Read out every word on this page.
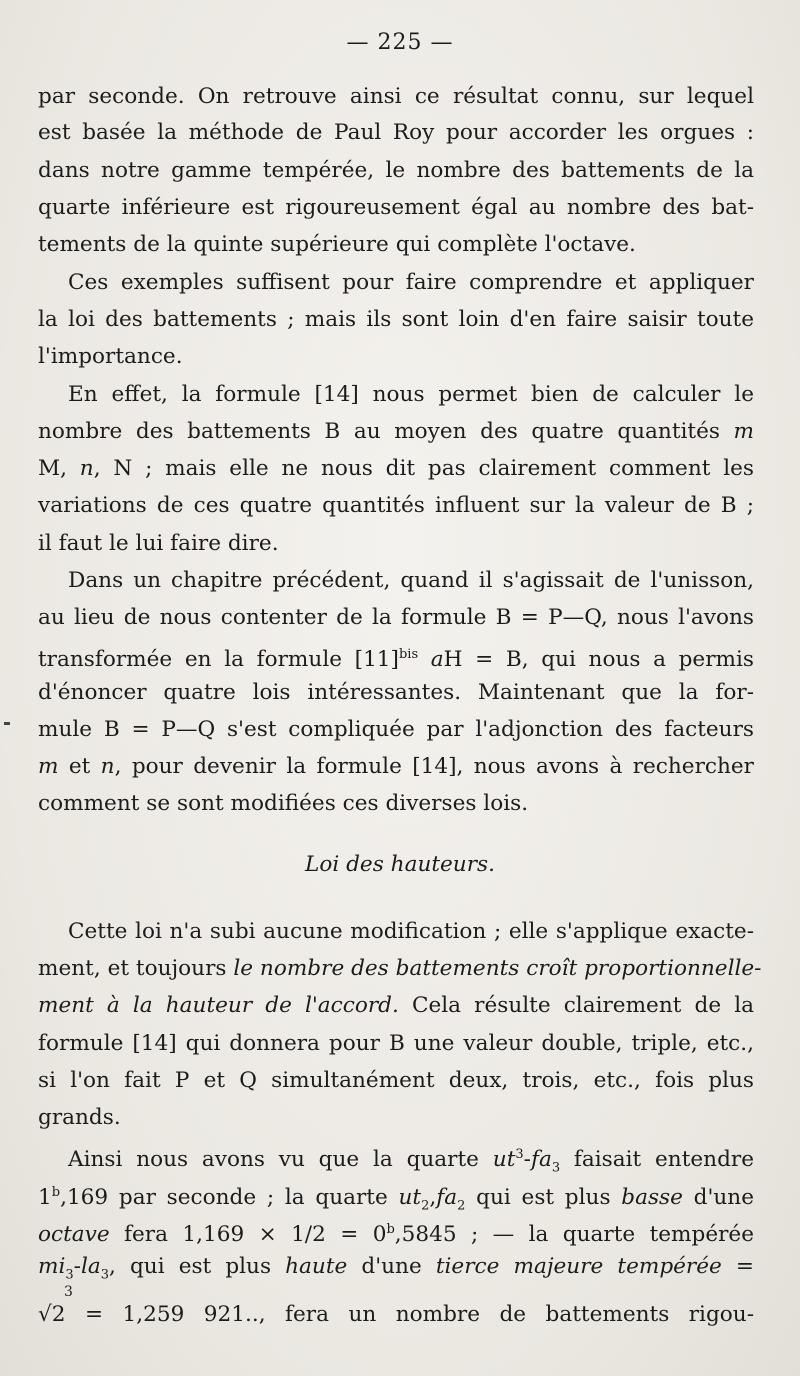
— 225 —
par seconde. On retrouve ainsi ce résultat connu, sur lequel
est basée la méthode de Paul Roy pour accorder les orgues :
dans notre gamme tempérée, le nombre des battements de la
quarte inférieure est rigoureusement égal au nombre des bat-
tements de la quinte supérieure qui complète l'octave.
Ces exemples suffisent pour faire comprendre et appliquer
la loi des battements ; mais ils sont loin d'en faire saisir toute
l'importance.
En effet, la formule [14] nous permet bien de calculer le
nombre des battements B au moyen des quatre quantités m
M, n, N ; mais elle ne nous dit pas clairement comment les
variations de ces quatre quantités influent sur la valeur de B ;
il faut le lui faire dire.
Dans un chapitre précédent, quand il s'agissait de l'unisson,
au lieu de nous contenter de la formule B = P—Q, nous l'avons
transformée en la formule $[11]^{bis}$ aH = B, qui nous a permis
d'énoncer quatre lois intéressantes. Maintenant que la for-
mule B = P—Q s'est compliquée par l'adjonction des facteurs
m et n, pour devenir la formule [14], nous avons à rechercher
comment se sont modifiées ces diverses lois.
Loi des hauteurs.
Cette loi n'a subi aucune modification ; elle s'applique exacte-
ment, et toujours le nombre des battements croît proportionnelle-
ment à la hauteur de l'accord. Cela résulte clairement de la
formule [14] qui donnera pour B une valeur double, triple, etc.,
si l'on fait P et Q simultanément deux, trois, etc., fois plus
grands.
Ainsi nous avons vu que la quarte $ut^3-fa_3$ faisait entendre
1$^b$,169 par seconde ; la quarte $ut_2,fa_2$ qui est plus basse d'une
octave fera $1,169 \times 1/2 = 0^b,5845$ ; — la quarte tempérée
$mi_3-la_3$, qui est plus haute d'une tierce majeure tempérée =
3
√2 = 1,259 921.., fera un nombre de battements rigou-
